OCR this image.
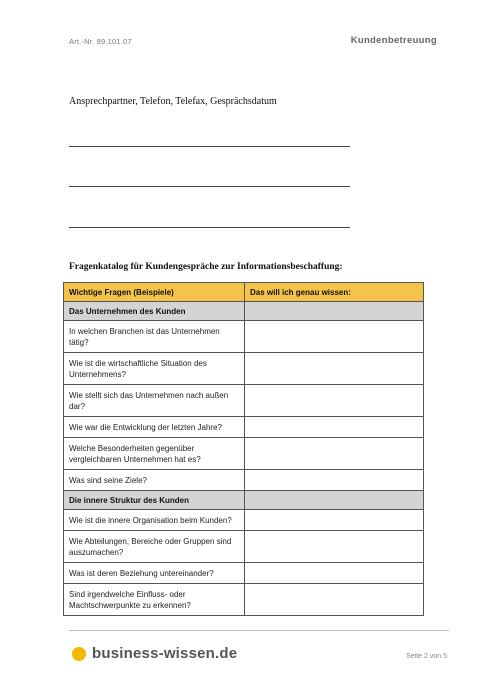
Art.-Nr. 99.101.07	Kundenbetreuung
Ansprechpartner, Telefon, Telefax, Gesprächsdatum
Fragenkatalog für Kundengespräche zur Informationsbeschaffung:
Wichtige Fragen (Beispiele)	Das will ich genau wissen:
Das Unternehmen des Kunden	
In welchen Branchen ist das Unternehmen tätig?	
Wie ist die wirtschaftliche Situation des Unternehmens?	
Wie stellt sich das Unternehmen nach außen dar?	
Wie war die Entwicklung der letzten Jahre?	
Welche Besonderheiten gegenüber vergleichbaren Unternehmen hat es?	
Was sind seine Ziele?	
Die innere Struktur des Kunden	
Wie ist die innere Organisation beim Kunden?	
Wie Abteilungen, Bereiche oder Gruppen sind auszumachen?	
Was ist deren Beziehung untereinander?	
Sind irgendwelche Einfluss- oder Machtschwerpunkte zu erkennen?	
business-wissen.de	Seite 2 von 5
